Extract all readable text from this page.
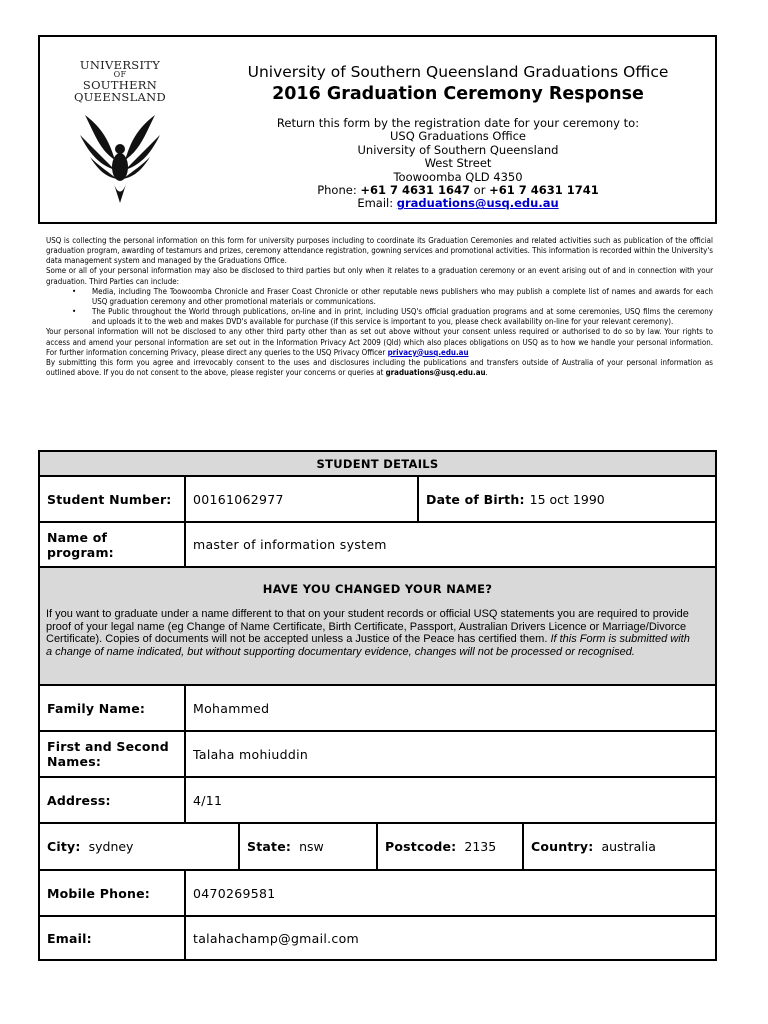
UNIVERSITY
OF
SOUTHERN
QUEENSLAND
University of Southern Queensland Graduations Office
2016 Graduation Ceremony Response
Return this form by the registration date for your ceremony to:
USQ Graduations Office
University of Southern Queensland
West Street
Toowoomba QLD 4350
Phone: +61 7 4631 1647 or +61 7 4631 1741
Email: graduations@usq.edu.au

USQ is collecting the personal information on this form for university purposes including to coordinate its Graduation Ceremonies and related activities such as publication of the official graduation program, awarding of testamurs and prizes, ceremony attendance registration, gowning services and promotional activities. This information is recorded within the University's data management system and managed by the Graduations Office.

Some or all of your personal information may also be disclosed to third parties but only when it relates to a graduation ceremony or an event arising out of and in connection with your graduation. Third Parties can include:

• Media, including The Toowoomba Chronicle and Fraser Coast Chronicle or other reputable news publishers who may publish a complete list of names and awards for each USQ graduation ceremony and other promotional materials or communications.
• The Public throughout the World through publications, on-line and in print, including USQ's official graduation programs and at some ceremonies, USQ films the ceremony and uploads it to the web and makes DVD's available for purchase (if this service is important to you, please check availability on-line for your relevant ceremony).

Your personal information will not be disclosed to any other third party other than as set out above without your consent unless required or authorised to do so by law. Your rights to access and amend your personal information are set out in the Information Privacy Act 2009 (Qld) which also places obligations on USQ as to how we handle your personal information. For further information concerning Privacy, please direct any queries to the USQ Privacy Officer privacy@usq.edu.au

By submitting this form you agree and irrevocably consent to the uses and disclosures including the publications and transfers outside of Australia of your personal information as outlined above. If you do not consent to the above, please register your concerns or queries at graduations@usq.edu.au.

STUDENT DETAILS
Student Number: 00161062977	Date of Birth: 15 oct 1990
Name of
program:	master of information system
HAVE YOU CHANGED YOUR NAME?
If you want to graduate under a name different to that on your student records or official USQ statements you are required to provide proof of your legal name (eg Change of Name Certificate, Birth Certificate, Passport, Australian Drivers Licence or Marriage/Divorce Certificate). Copies of documents will not be accepted unless a Justice of the Peace has certified them. If this Form is submitted with a change of name indicated, but without supporting documentary evidence, changes will not be processed or recognised.
Family Name:	Mohammed
First and Second
Names:	Talaha mohiuddin
Address:	4/11
City: sydney	State: nsw	Postcode: 2135	Country: australia
Mobile Phone:	0470269581
Email:	talahachamp@gmail.com
